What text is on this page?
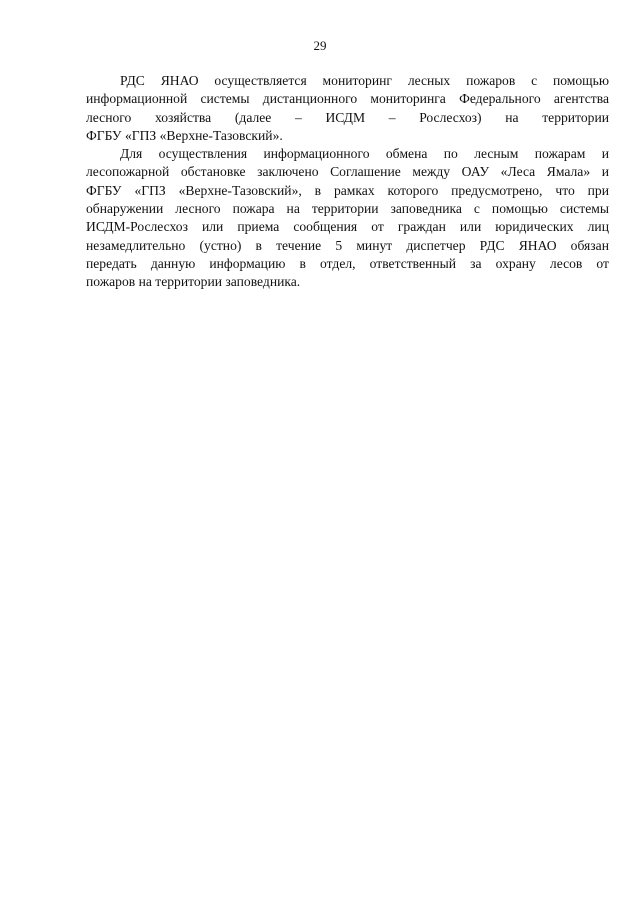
29
РДС ЯНАО осуществляется мониторинг лесных пожаров с помощью
информационной системы дистанционного мониторинга Федерального агентства
лесного хозяйства (далее – ИСДМ – Рослесхоз) на территории
ФГБУ «ГПЗ «Верхне-Тазовский».
Для осуществления информационного обмена по лесным пожарам и
лесопожарной обстановке заключено Соглашение между ОАУ «Леса Ямала» и
ФГБУ «ГПЗ «Верхне-Тазовский», в рамках которого предусмотрено, что при
обнаружении лесного пожара на территории заповедника с помощью системы
ИСДМ-Рослесхоз или приема сообщения от граждан или юридических лиц
незамедлительно (устно) в течение 5 минут диспетчер РДС ЯНАО обязан
передать данную информацию в отдел, ответственный за охрану лесов от
пожаров на территории заповедника.
